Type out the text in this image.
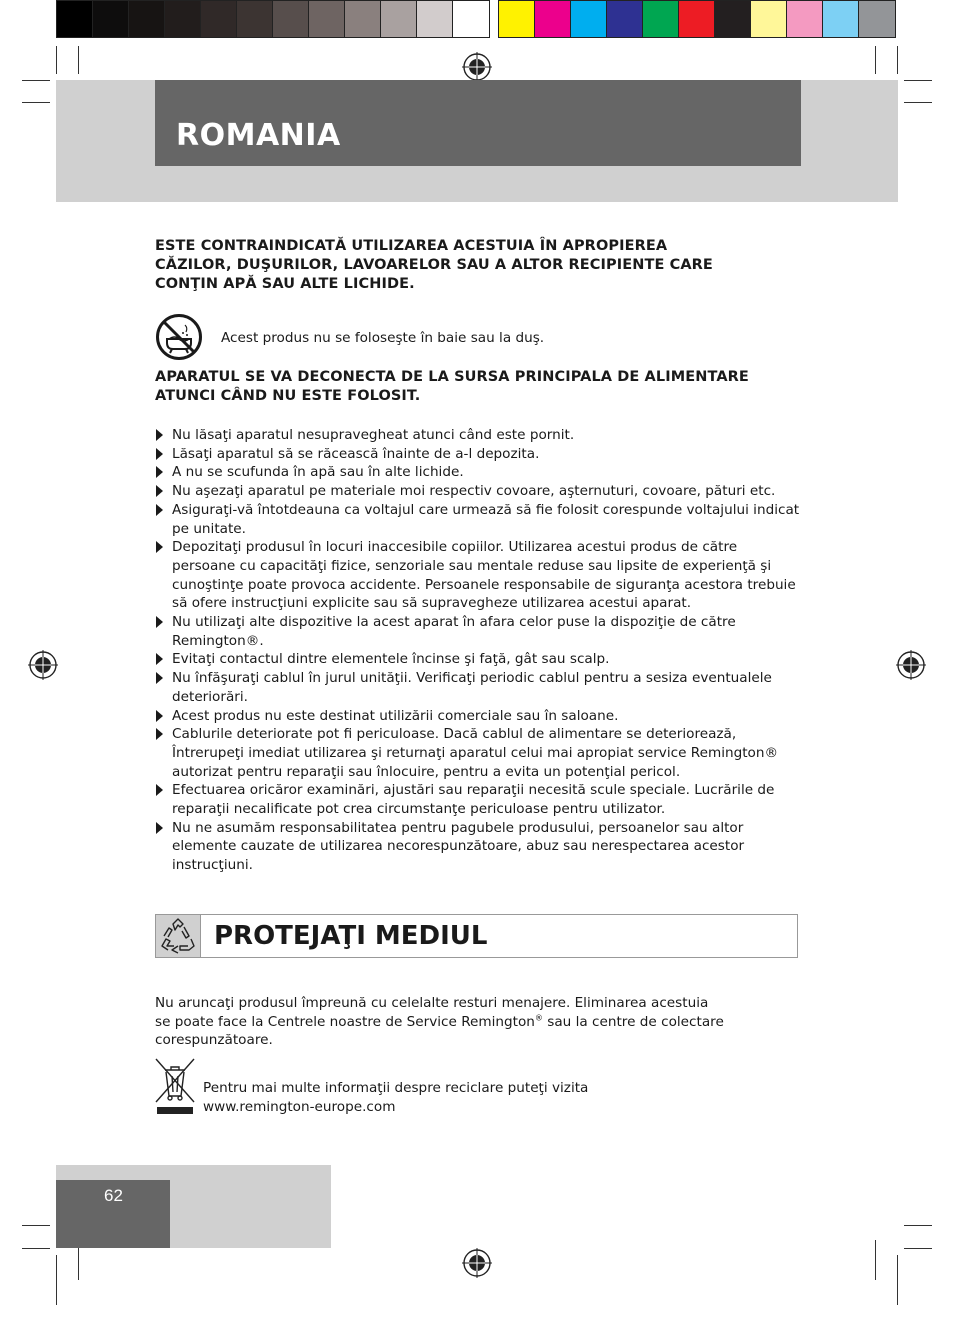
ROMANIA
ESTE CONTRAINDICATĂ UTILIZAREA ACESTUIA ÎN APROPIEREA
CĂZILOR, DUŞURILOR, LAVOARELOR SAU A ALTOR RECIPIENTE CARE
CONŢIN APĂ SAU ALTE LICHIDE.
Acest produs nu se foloseşte în baie sau la duş.
APARATUL SE VA DECONECTA DE LA SURSA PRINCIPALA DE ALIMENTARE
ATUNCI CÂND NU ESTE FOLOSIT.
Nu lăsaţi aparatul nesupravegheat atunci când este pornit.
Lăsaţi aparatul să se răcească înainte de a-l depozita.
A nu se scufunda în apă sau în alte lichide.
Nu aşezaţi aparatul pe materiale moi respectiv covoare, aşternuturi, covoare, pături etc.
Asiguraţi-vă întotdeauna ca voltajul care urmează să fie folosit corespunde voltajului indicat pe unitate.
Depozitaţi produsul în locuri inaccesibile copiilor. Utilizarea acestui produs de către persoane cu capacităţi fizice, senzoriale sau mentale reduse sau lipsite de experienţă şi cunoştinţe poate provoca accidente. Persoanele responsabile de siguranţa acestora trebuie să ofere instrucţiuni explicite sau să supravegheze utilizarea acestui aparat.
Nu utilizaţi alte dispozitive la acest aparat în afara celor puse la dispoziţie de către Remington®.
Evitaţi contactul dintre elementele încinse şi faţă, gât sau scalp.
Nu înfăşuraţi cablul în jurul unităţii. Verificaţi periodic cablul pentru a sesiza eventualele deteriorări.
Acest produs nu este destinat utilizării comerciale sau în saloane.
Cablurile deteriorate pot fi periculoase. Dacă cablul de alimentare se deteriorează, Întrerupeţi imediat utilizarea şi returnaţi aparatul celui mai apropiat service Remington® autorizat pentru reparaţii sau înlocuire, pentru a evita un potenţial pericol.
Efectuarea oricăror examinări, ajustări sau reparaţii necesită scule speciale. Lucrările de reparaţii necalificate pot crea circumstanţe periculoase pentru utilizator.
Nu ne asumăm responsabilitatea pentru pagubele produsului, persoanelor sau altor elemente cauzate de utilizarea necorespunzătoare, abuz sau nerespectarea acestor instrucţiuni.
PROTEJAŢI MEDIUL
Nu aruncaţi produsul împreună cu celelalte resturi menajere. Eliminarea acestuia
se poate face la Centrele noastre de Service Remington® sau la centre de colectare
corespunzătoare.
Pentru mai multe informaţii despre reciclare puteţi vizita
www.remington-europe.com
62
